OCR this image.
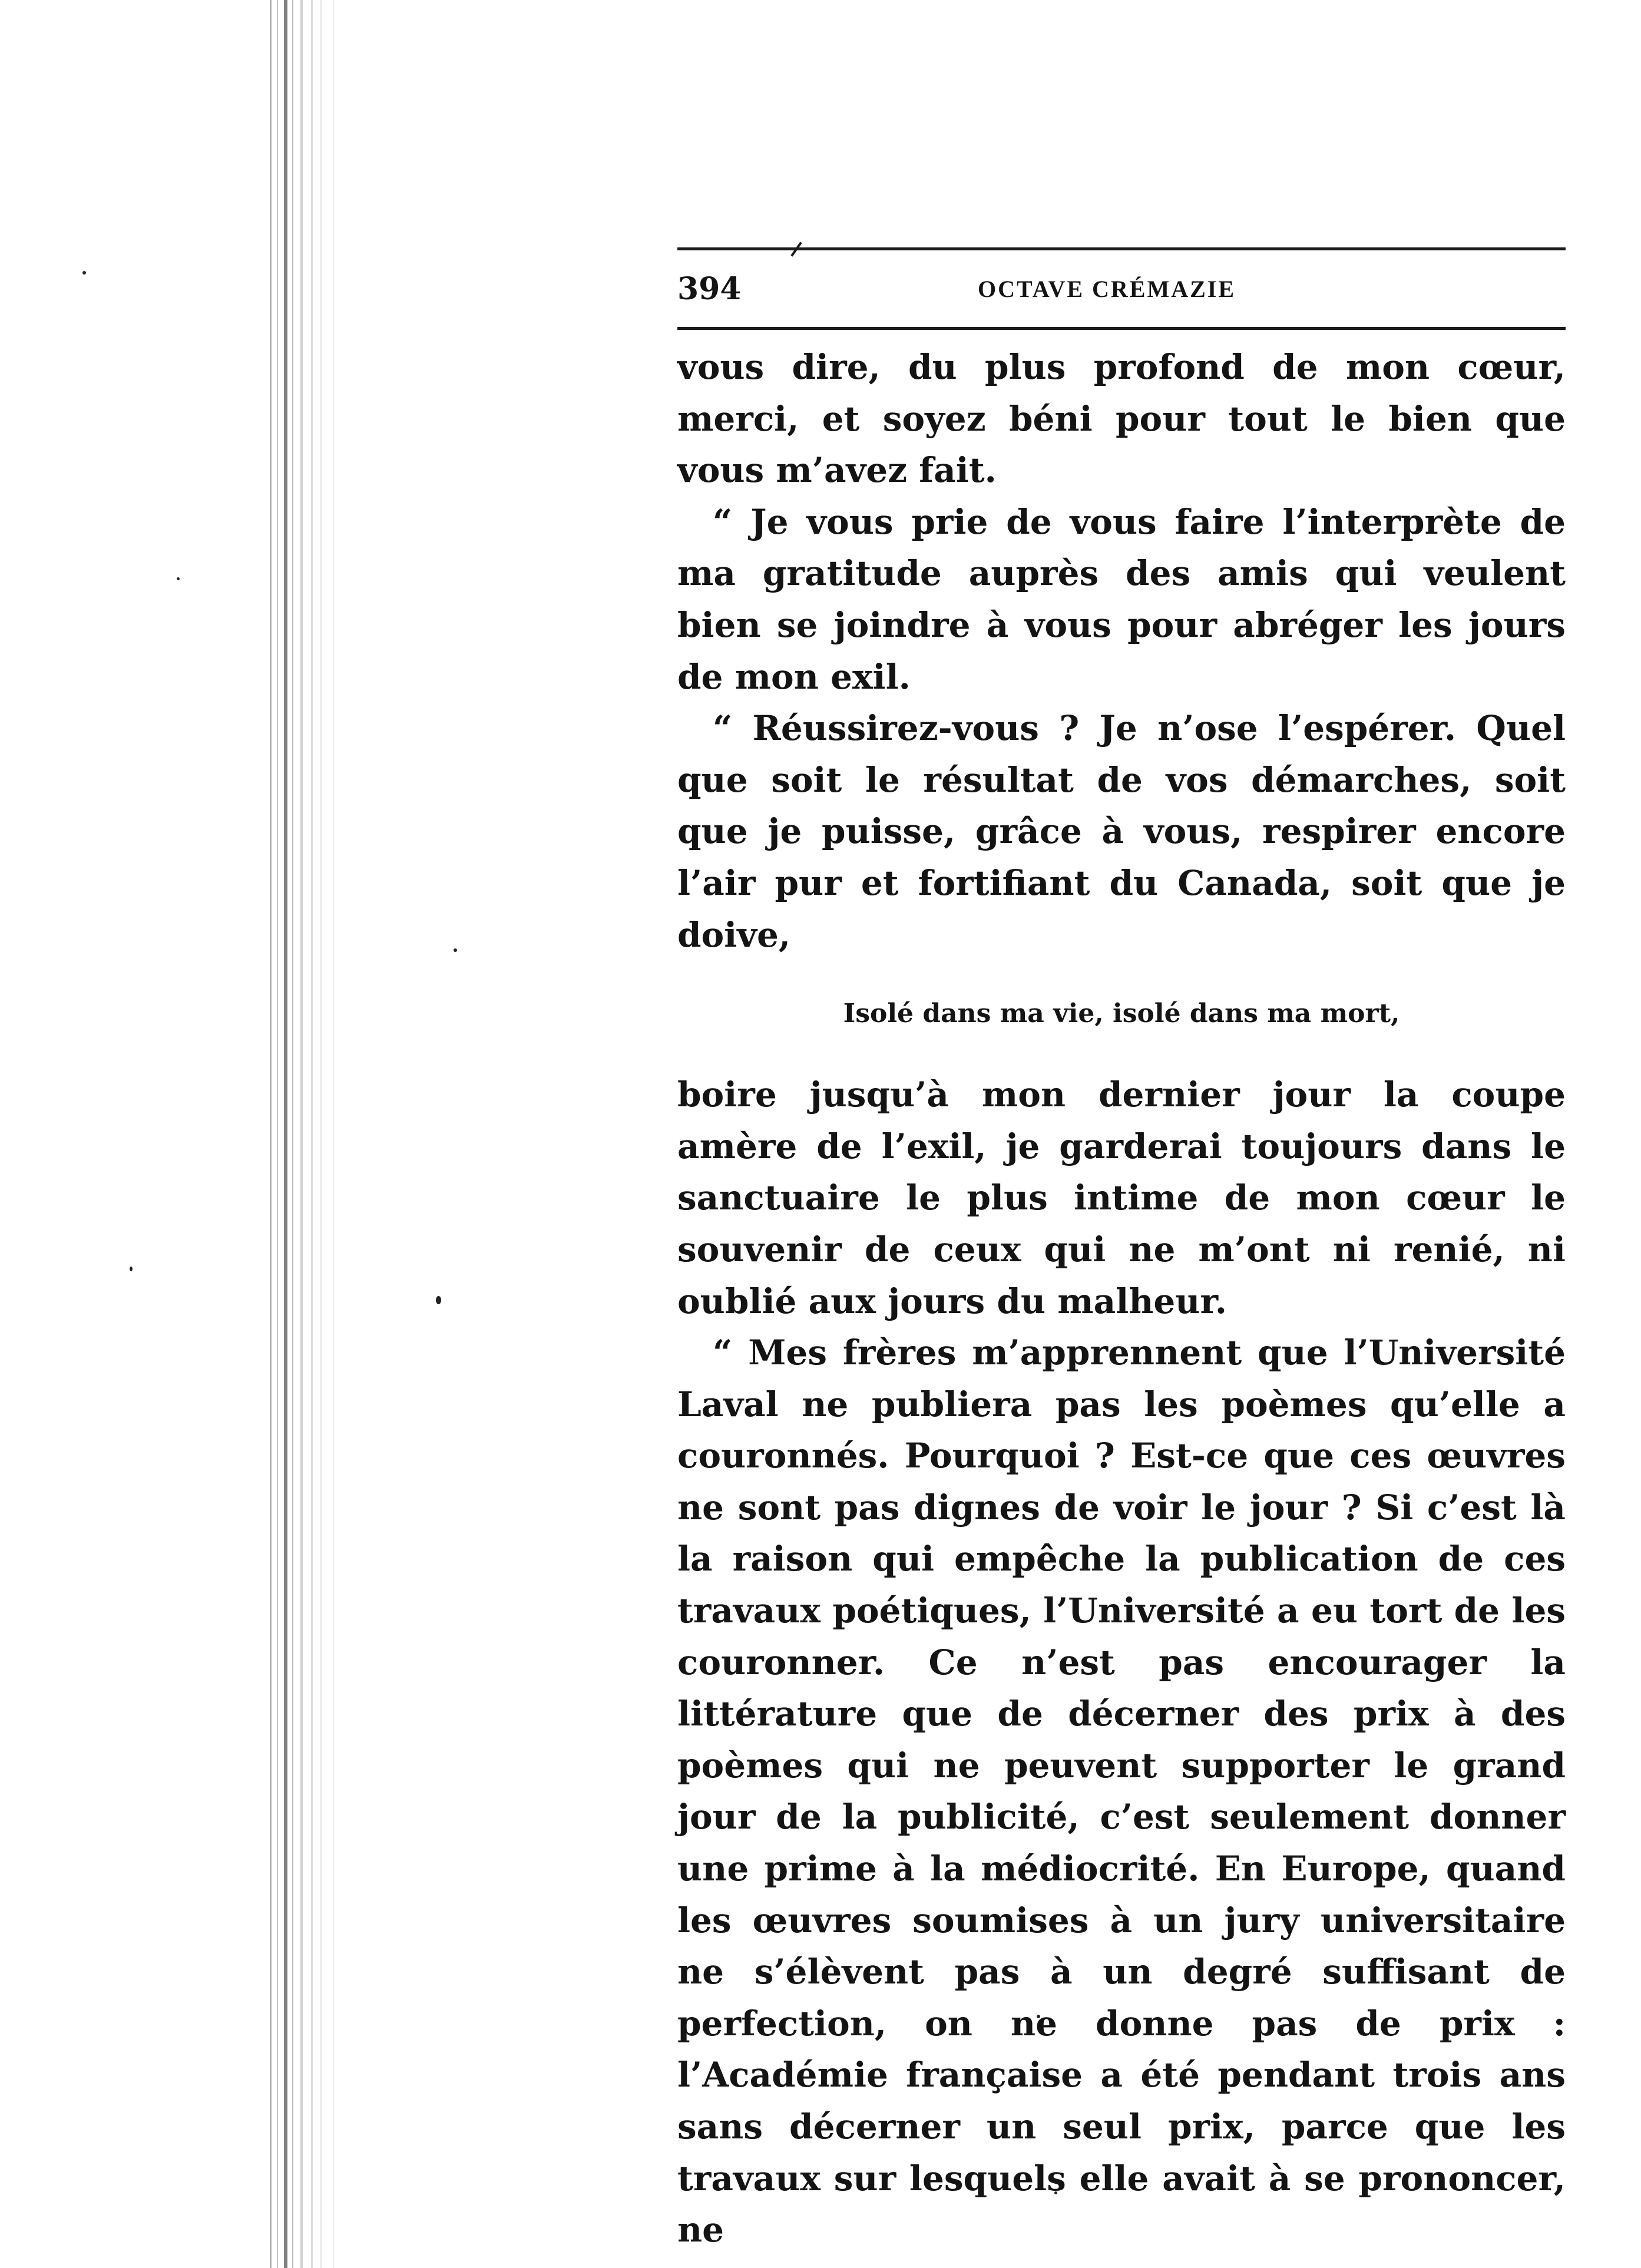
394	OCTAVE CRÉMAZIE

vous dire, du plus profond de mon cœur, merci, et soyez béni pour tout le bien que vous m’avez fait.

“ Je vous prie de vous faire l’interprète de ma gratitude auprès des amis qui veulent bien se joindre à vous pour abréger les jours de mon exil.

“ Réussirez-vous ? Je n’ose l’espérer. Quel que soit le résultat de vos démarches, soit que je puisse, grâce à vous, respirer encore l’air pur et fortifiant du Canada, soit que je doive,

Isolé dans ma vie, isolé dans ma mort,

boire jusqu’à mon dernier jour la coupe amère de l’exil, je garderai toujours dans le sanctuaire le plus intime de mon cœur le souvenir de ceux qui ne m’ont ni renié, ni oublié aux jours du malheur.

“ Mes frères m’apprennent que l’Université Laval ne publiera pas les poèmes qu’elle a couronnés. Pourquoi ? Est-ce que ces œuvres ne sont pas dignes de voir le jour ? Si c’est là la raison qui empêche la publication de ces travaux poétiques, l’Université a eu tort de les couronner. Ce n’est pas encourager la littérature que de décerner des prix à des poèmes qui ne peuvent supporter le grand jour de la publicité, c’est seulement donner une prime à la médiocrité. En Europe, quand les œuvres soumises à un jury universitaire ne s’élèvent pas à un degré suffisant de perfection, on ne donne pas de prix : l’Académie française a été pendant trois ans sans décerner un seul prix, parce que les travaux sur lesquels elle avait à se prononcer, ne
